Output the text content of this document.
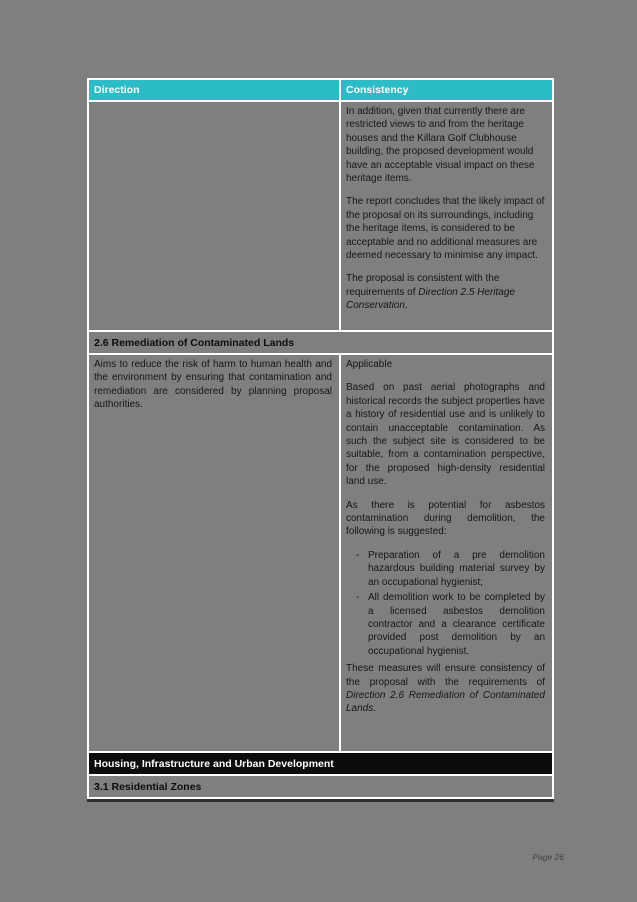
Direction	Consistency

In addition, given that currently there are restricted views to and from the heritage houses and the Killara Golf Clubhouse building, the proposed development would have an acceptable visual impact on these heritage items.

The report concludes that the likely impact of the proposal on its surroundings, including the heritage items, is considered to be acceptable and no additional measures are deemed necessary to minimise any impact.

The proposal is consistent with the requirements of Direction 2.5 Heritage Conservation.

2.6 Remediation of Contaminated Lands
Aims to reduce the risk of harm to human health and the environment by ensuring that contamination and remediation are considered by planning proposal authorities.

Applicable

Based on past aerial photographs and historical records the subject properties have a history of residential use and is unlikely to contain unacceptable contamination. As such the subject site is considered to be suitable, from a contamination perspective, for the proposed high-density residential land use.

As there is potential for asbestos contamination during demolition, the following is suggested:

- Preparation of a pre demolition hazardous building material survey by an occupational hygienist;
- All demolition work to be completed by a licensed asbestos demolition contractor and a clearance certificate provided post demolition by an occupational hygienist.

These measures will ensure consistency of the proposal with the requirements of Direction 2.6 Remediation of Contaminated Lands.

Housing, Infrastructure and Urban Development
3.1 Residential Zones
Page 26
